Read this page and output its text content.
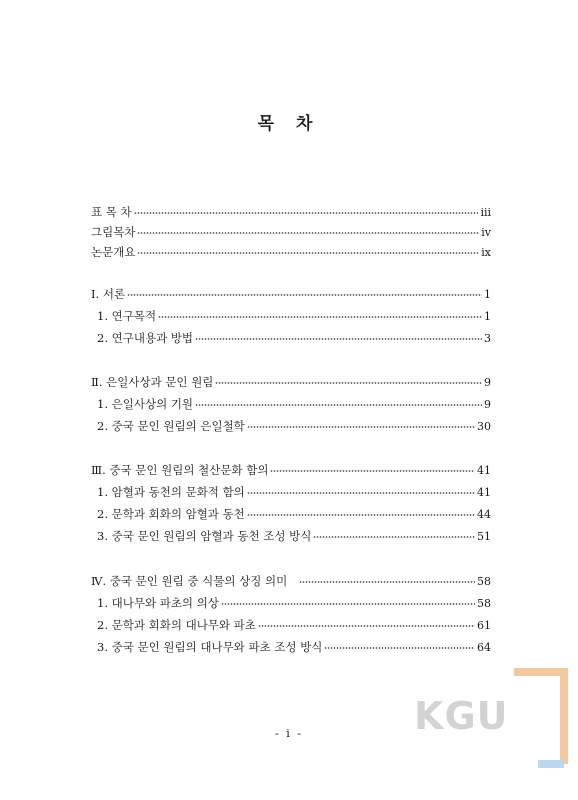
목 차
표 목 차	iii
그림목차	iv
논문개요	ix
Ⅰ. 서론	1
1. 연구목적	1
2. 연구내용과 방법	3
Ⅱ. 은일사상과 문인 원림	9
1. 은일사상의 기원	9
2. 중국 문인 원림의 은일철학	30
Ⅲ. 중국 문인 원림의 철산문화 함의	41
1. 암혈과 동천의 문화적 함의	41
2. 문학과 회화의 암혈과 동천	44
3. 중국 문인 원림의 암혈과 동천 조성 방식	51
Ⅳ. 중국 문인 원림 중 식물의 상징 의미	58
1. 대나무와 파초의 의상	58
2. 문학과 회화의 대나무와 파초	61
3. 중국 문인 원림의 대나무와 파초 조성 방식	64
- i -	KGU
